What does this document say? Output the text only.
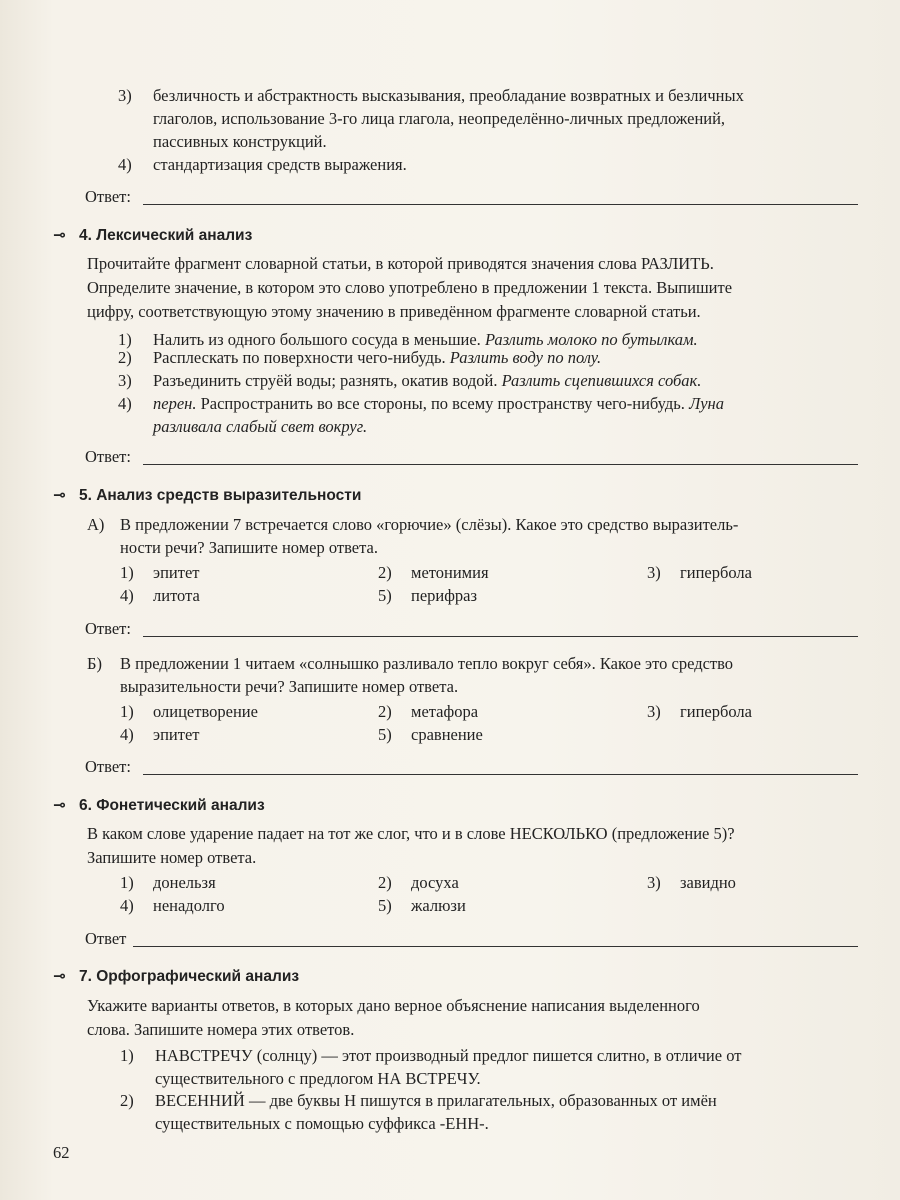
3)	безличность и абстрактность высказывания, преобладание возвратных и безличных
глаголов, использование 3-го лица глагола, неопределённо-личных предложений,
пассивных конструкций.
4)	стандартизация средств выражения.
Ответ:
⊸ 4. Лексический анализ
Прочитайте фрагмент словарной статьи, в которой приводятся значения слова РАЗЛИТЬ.
Определите значение, в котором это слово употреблено в предложении 1 текста. Выпишите
цифру, соответствующую этому значению в приведённом фрагменте словарной статьи.
1)	Налить из одного большого сосуда в меньшие. Разлить молоко по бутылкам.
2)	Расплескать по поверхности чего-нибудь. Разлить воду по полу.
3)	Разъединить струёй воды; разнять, окатив водой. Разлить сцепившихся собак.
4)	перен. Распространить во все стороны, по всему пространству чего-нибудь. Луна
разливала слабый свет вокруг.
Ответ:
⊸ 5. Анализ средств выразительности
А) В предложении 7 встречается слово «горючие» (слёзы). Какое это средство выразитель-
ности речи? Запишите номер ответа.
1) эпитет	2) метонимия	3) гипербола
4) литота	5) перифраз
Ответ:
Б)	В предложении 1 читаем «солнышко разливало тепло вокруг себя». Какое это средство
выразительности речи? Запишите номер ответа.
1) олицетворение	2) метафора	3) гипербола
4) эпитет	5) сравнение
Ответ:
⊸ 6. Фонетический анализ
В каком слове ударение падает на тот же слог, что и в слове НЕСКОЛЬКО (предложение 5)?
Запишите номер ответа.
1) донельзя	2) досуха	3) завидно
4) ненадолго	5) жалюзи
Ответ
⊸ 7. Орфографический анализ
Укажите варианты ответов, в которых дано верное объяснение написания выделенного
слова. Запишите номера этих ответов.
1)	НАВСТРЕЧУ (солнцу) — этот производный предлог пишется слитно, в отличие от
существительного с предлогом НА ВСТРЕЧУ.
2)	ВЕСЕННИЙ — две буквы Н пишутся в прилагательных, образованных от имён
существительных с помощью суффикса -ЕНН-.
62
